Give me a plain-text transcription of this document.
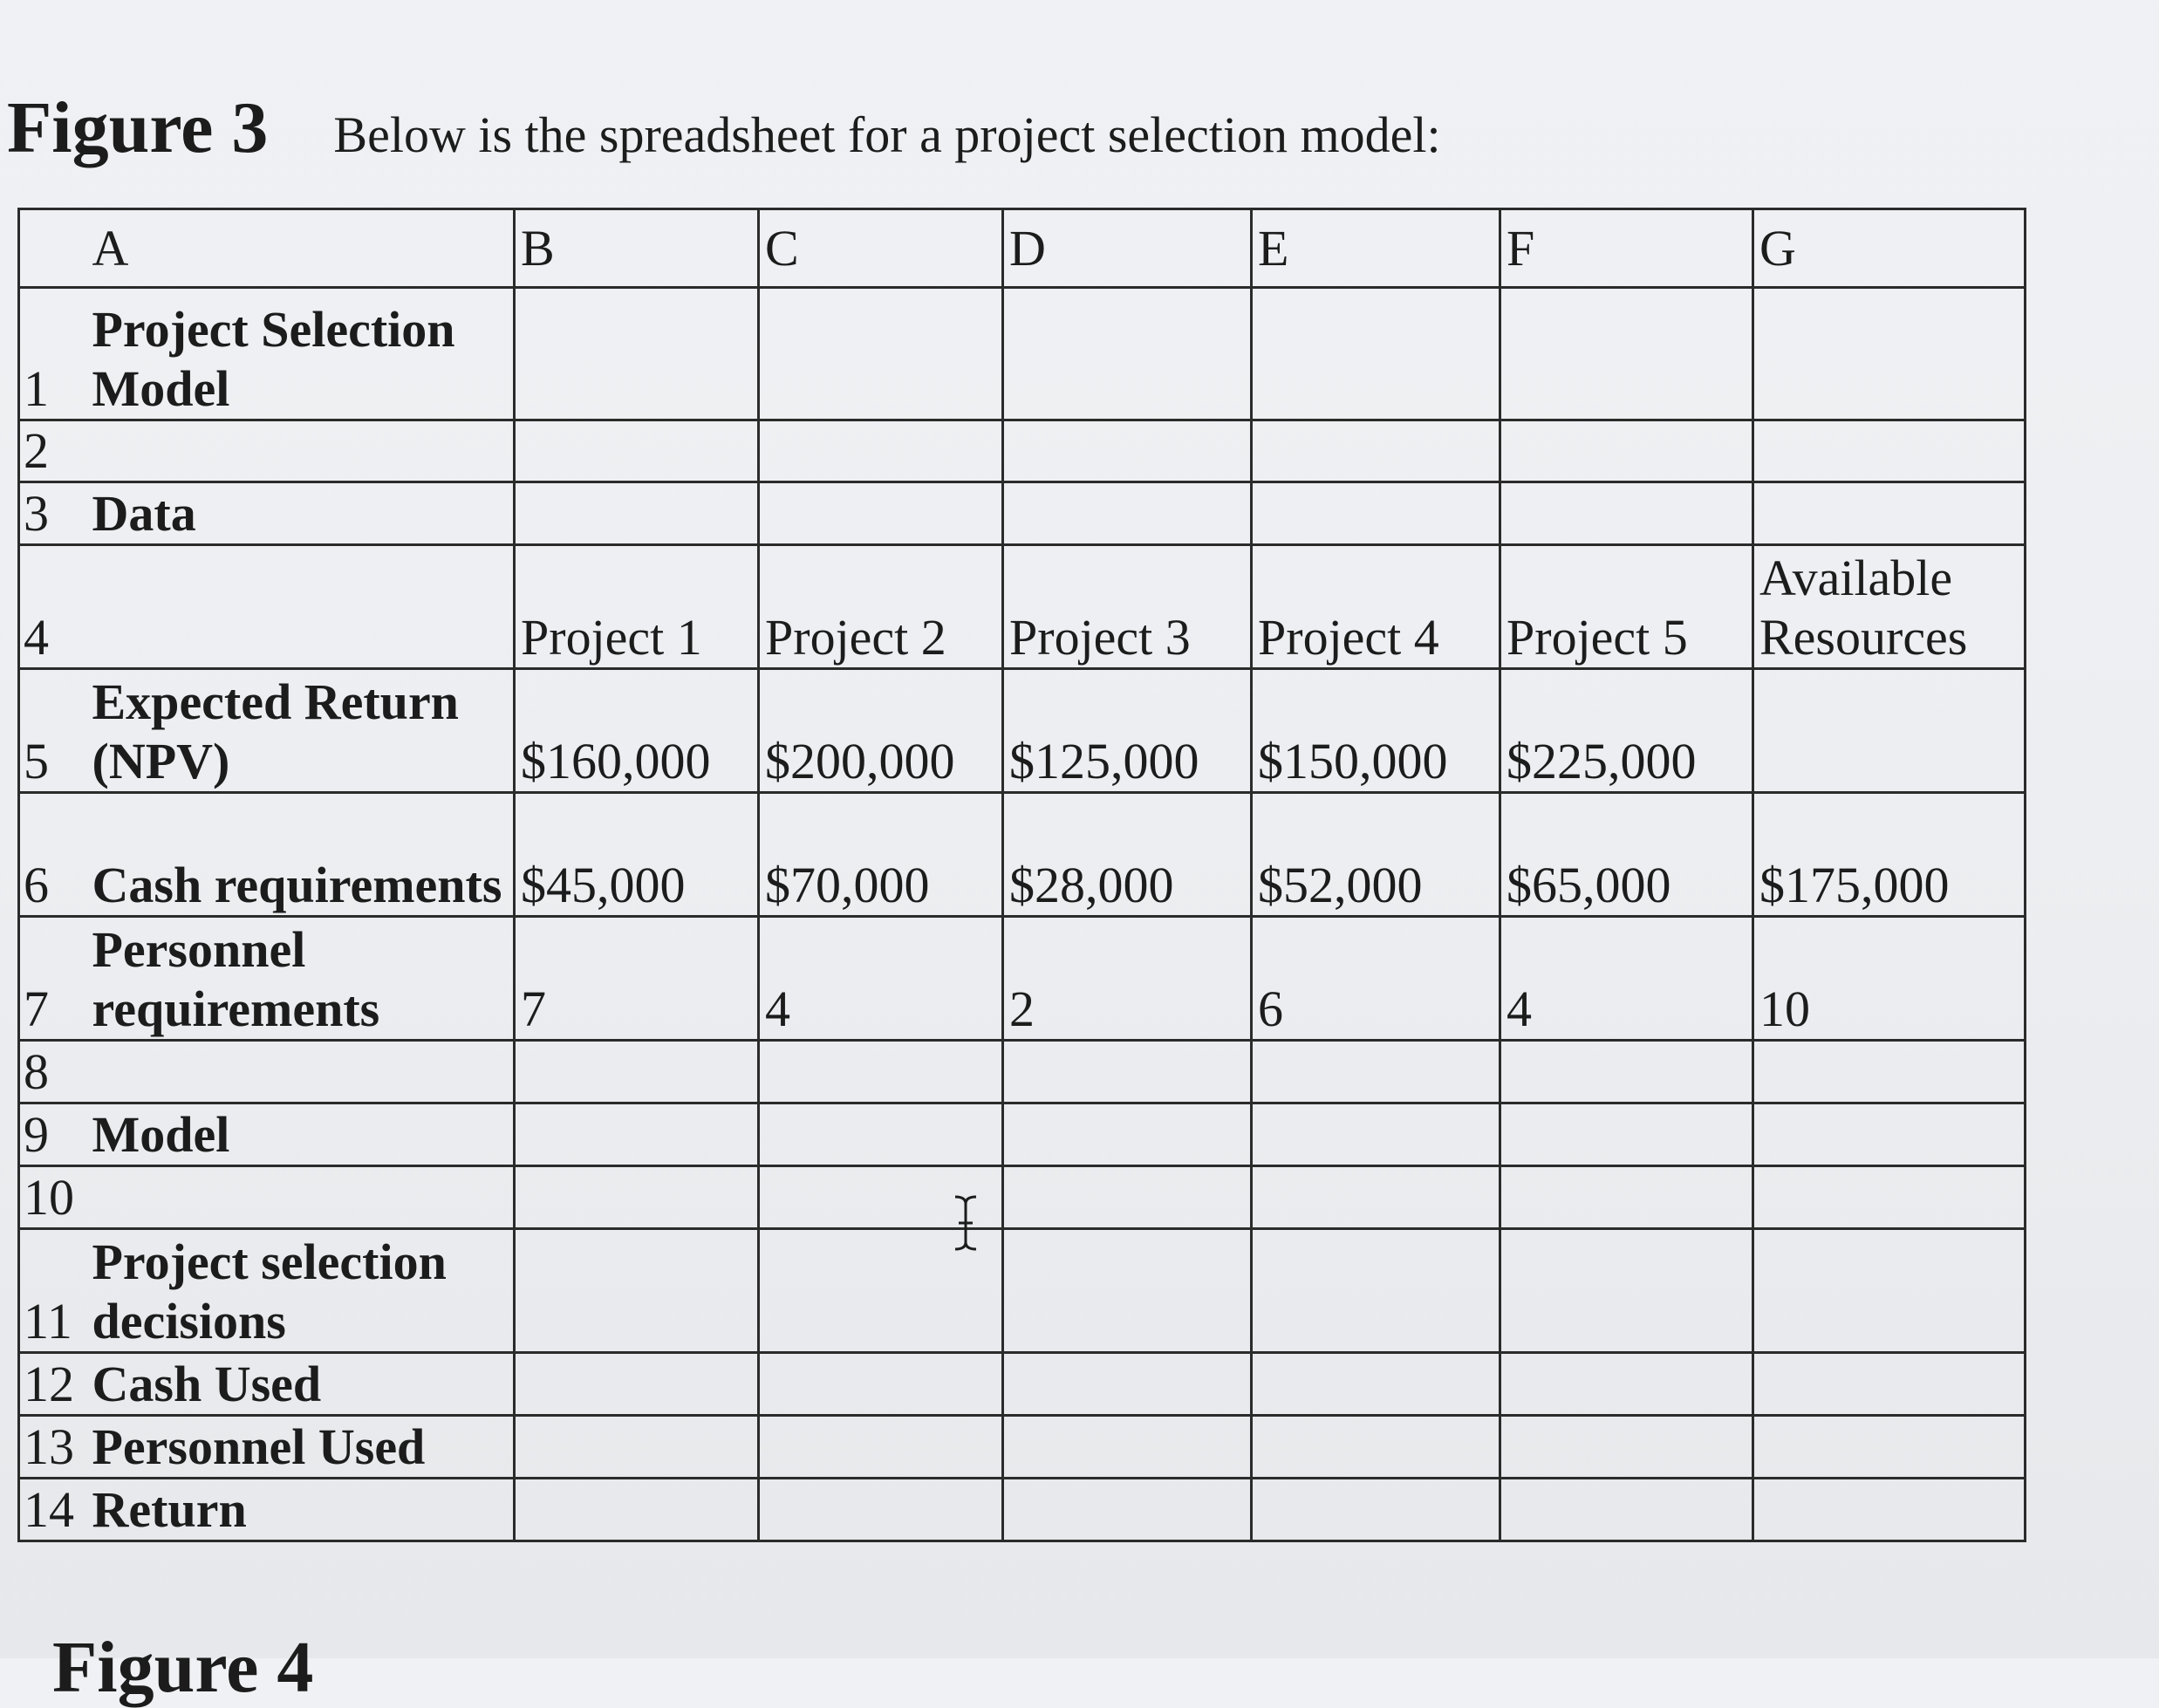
Figure 3 Below is the spreadsheet for a project selection model:
	A	B	C	D	E	F	G
1	Project Selection Model						
2							
3	Data						
4		Project 1	Project 2	Project 3	Project 4	Project 5	Available Resources
5	Expected Return (NPV)	$160,000	$200,000	$125,000	$150,000	$225,000	
6	Cash requirements	$45,000	$70,000	$28,000	$52,000	$65,000	$175,000
7	Personnel requirements	7	4	2	6	4	10
8							
9	Model						
10							
11	Project selection decisions						
12	Cash Used						
13	Personnel Used						
14	Return						
Figure 4
